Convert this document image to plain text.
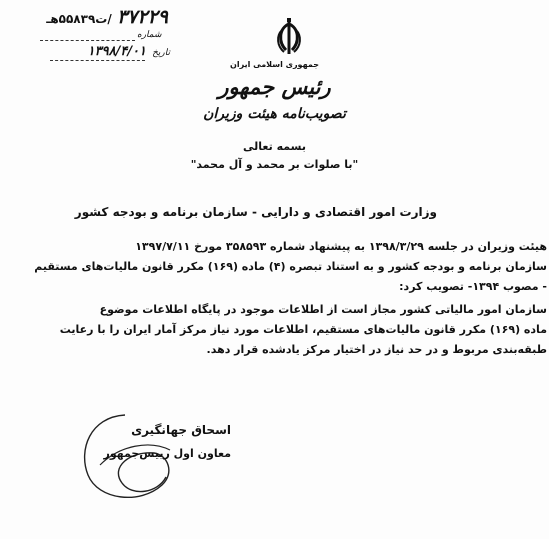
۳۷۲۲۹ /ت۵۵۸۳۹هـ
شماره
تاریخ
۱۳۹۸/۴/۰۱
جمهوری اسلامی ایران
رئیس جمهور
تصویب‌نامه هیئت وزیران
بسمه تعالی
"با صلوات بر محمد و آل محمد"
وزارت امور اقتصادی و دارایی - سازمان برنامه و بودجه کشور
هیئت وزیران در جلسه ۱۳۹۸/۳/۲۹ به پیشنهاد شماره ۳۵۸۵۹۳ مورخ ۱۳۹۷/۷/۱۱
سازمان برنامه و بودجه کشور و به استناد تبصره (۴) ماده (۱۶۹) مکرر قانون مالیات‌های مستقیم
- مصوب ۱۳۹۴- تصویب کرد:
سازمان امور مالیاتی کشور مجاز است از اطلاعات موجود در پایگاه اطلاعات موضوع
ماده (۱۶۹) مکرر قانون مالیات‌های مستقیم، اطلاعات مورد نیاز مرکز آمار ایران را با رعایت
طبقه‌بندی مربوط و در حد نیاز در اختیار مرکز یادشده قرار دهد.
اسحاق جهانگیری
معاون اول رییس‌جمهور
